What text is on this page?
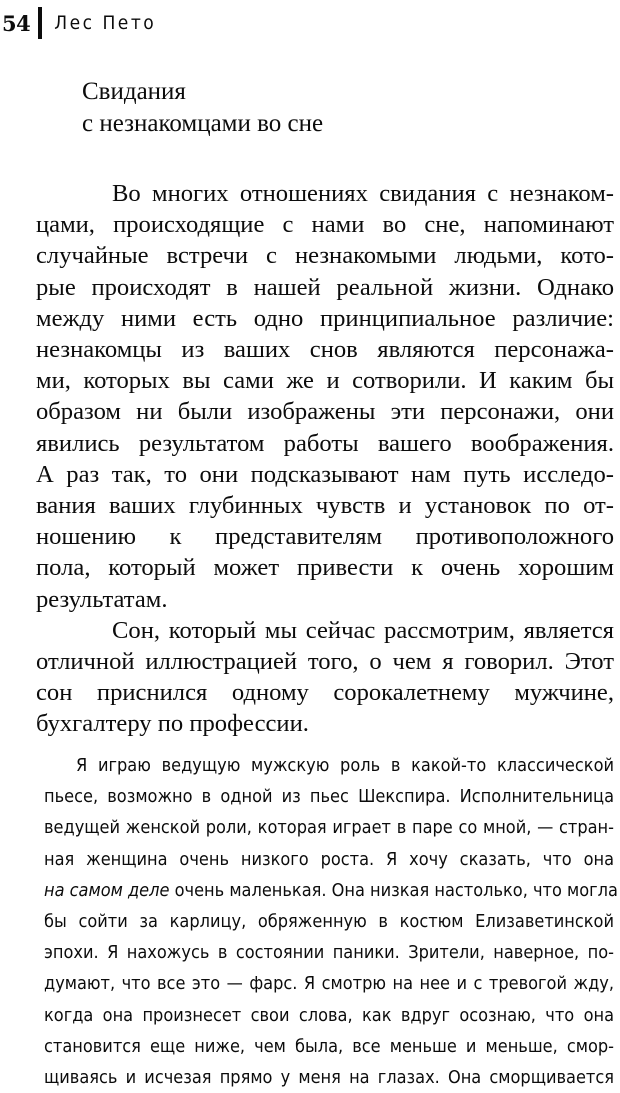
54 Лес Пето
Свидания
с незнакомцами во сне
Во многих отношениях свидания с незнаком-
цами, происходящие с нами во сне, напоминают
случайные встречи с незнакомыми людьми, кото-
рые происходят в нашей реальной жизни. Однако
между ними есть одно принципиальное различие:
незнакомцы из ваших снов являются персонажа-
ми, которых вы сами же и сотворили. И каким бы
образом ни были изображены эти персонажи, они
явились результатом работы вашего воображения.
А раз так, то они подсказывают нам путь исследо-
вания ваших глубинных чувств и установок по от-
ношению к представителям противоположного
пола, который может привести к очень хорошим
результатам.
Сон, который мы сейчас рассмотрим, является
отличной иллюстрацией того, о чем я говорил. Этот
сон приснился одному сорокалетнему мужчине,
бухгалтеру по профессии.
Я играю ведущую мужскую роль в какой-то классической
пьесе, возможно в одной из пьес Шекспира. Исполнительница
ведущей женской роли, которая играет в паре со мной, — стран-
ная женщина очень низкого роста. Я хочу сказать, что она
на самом деле очень маленькая. Она низкая настолько, что могла
бы сойти за карлицу, обряженную в костюм Елизаветинской
эпохи. Я нахожусь в состоянии паники. Зрители, наверное, по-
думают, что все это — фарс. Я смотрю на нее и с тревогой жду,
когда она произнесет свои слова, как вдруг осознаю, что она
становится еще ниже, чем была, все меньше и меньше, смор-
щиваясь и исчезая прямо у меня на глазах. Она сморщивается
